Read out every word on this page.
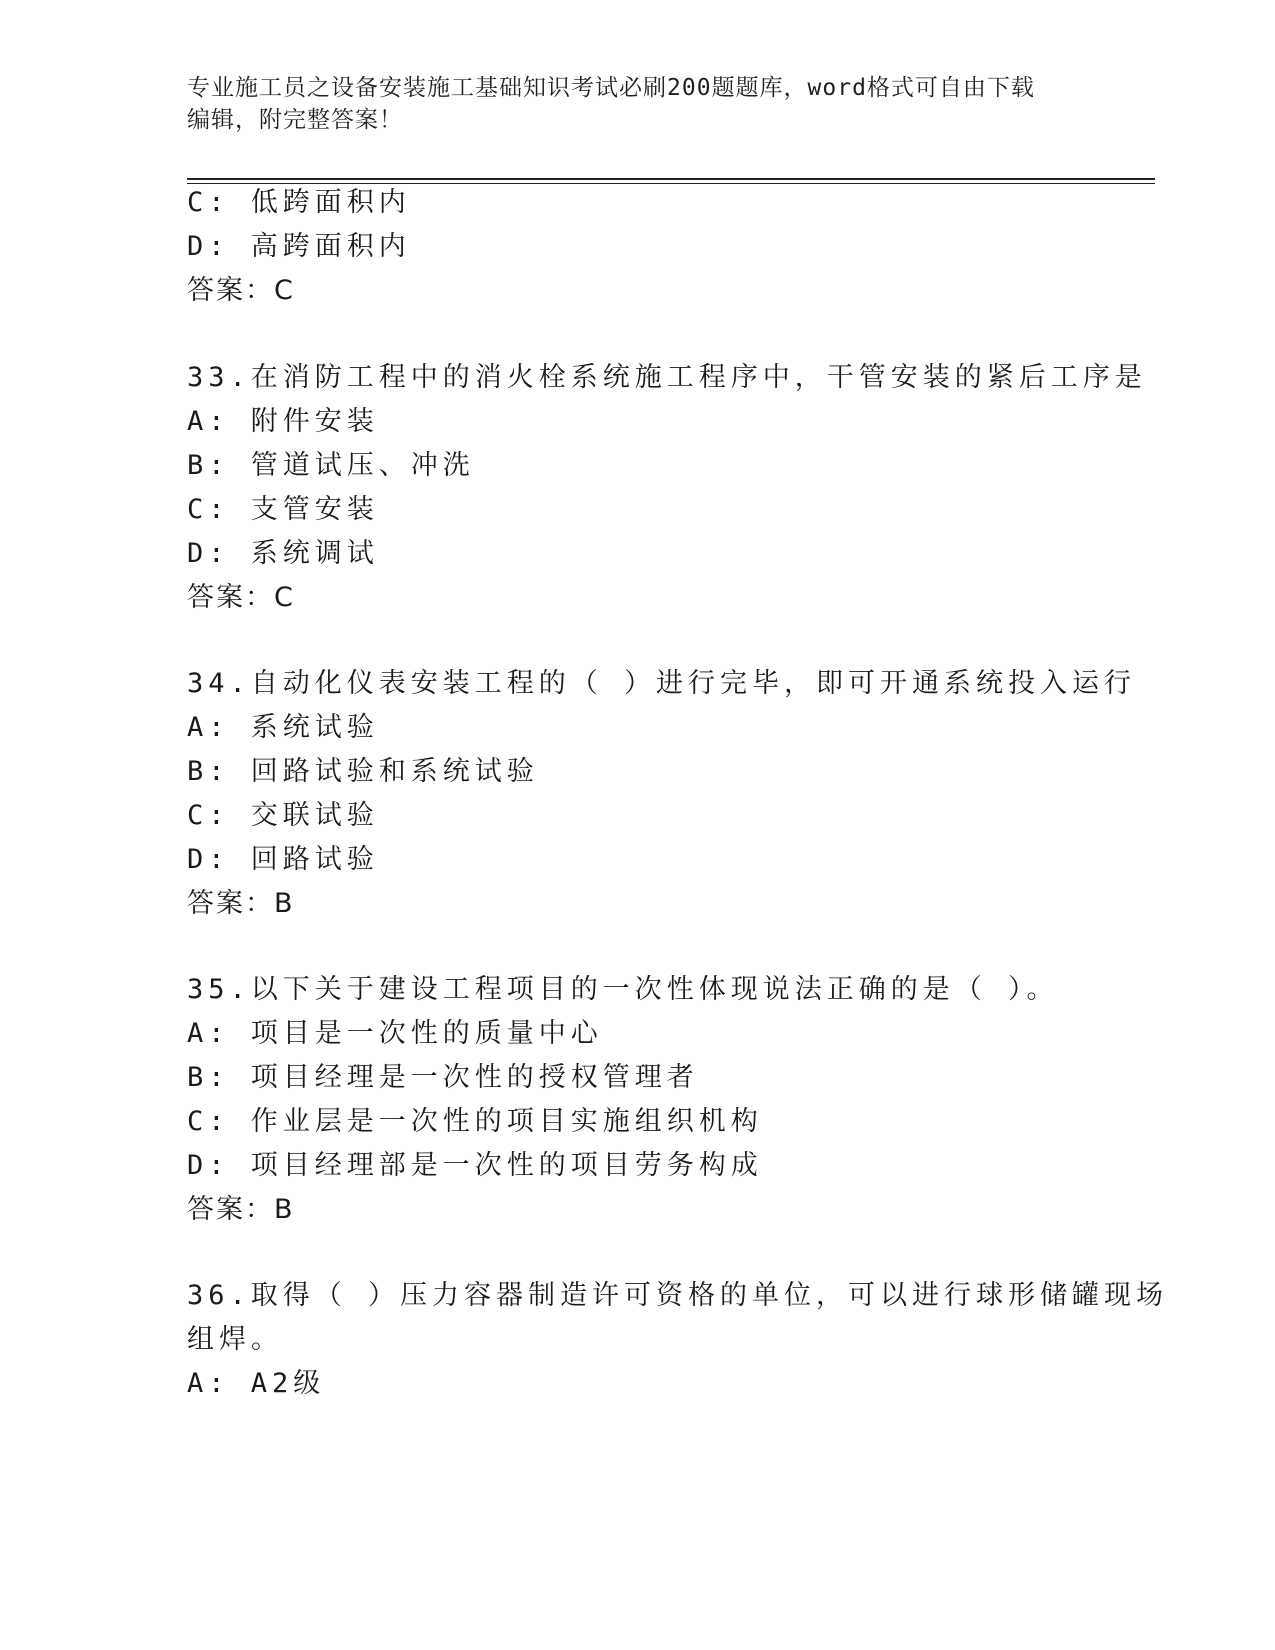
专业施工员之设备安装施工基础知识考试必刷200题题库，word格式可自由下载
编辑，附完整答案！
C: 低跨面积内
D: 高跨面积内
答案：C
33.在消防工程中的消火栓系统施工程序中，干管安装的紧后工序是
A: 附件安装
B: 管道试压、冲洗
C: 支管安装
D: 系统调试
答案：C
34.自动化仪表安装工程的（ ）进行完毕，即可开通系统投入运行
A: 系统试验
B: 回路试验和系统试验
C: 交联试验
D: 回路试验
答案：B
35.以下关于建设工程项目的一次性体现说法正确的是（ ）。
A: 项目是一次性的质量中心
B: 项目经理是一次性的授权管理者
C: 作业层是一次性的项目实施组织机构
D: 项目经理部是一次性的项目劳务构成
答案：B
36.取得（ ）压力容器制造许可资格的单位，可以进行球形储罐现场
组焊。
A: A2级
